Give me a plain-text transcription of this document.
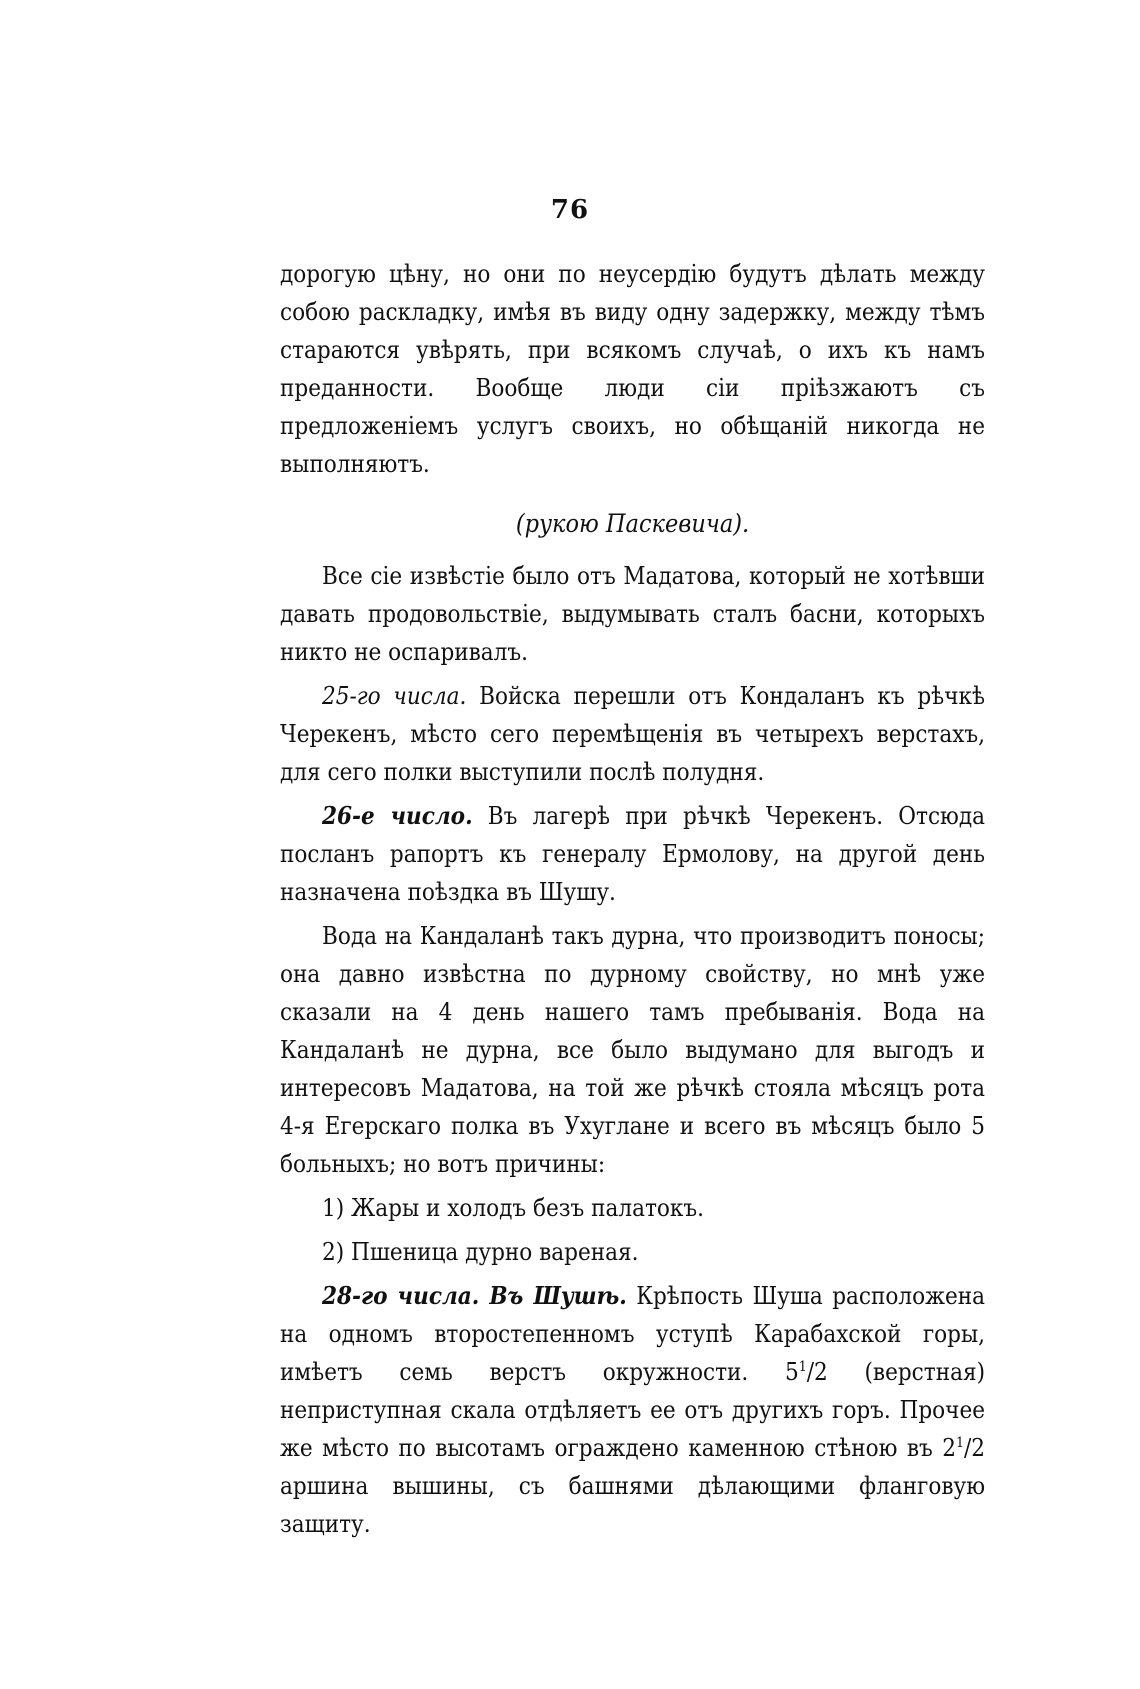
76

дорогую цѣну, но они по неусердію будутъ дѣлать между собою раскладку, имѣя въ виду одну задержку, между тѣмъ стараются увѣрять, при всякомъ случаѣ, о ихъ къ намъ преданности. Вообще люди сіи пріѣзжаютъ съ предложеніемъ услугъ своихъ, но обѣщаній никогда не выполняютъ.

(рукою Паскевича).

Все сіе извѣстіе было отъ Мадатова, который не хотѣвши давать продовольствіе, выдумывать сталъ басни, которыхъ никто не оспаривалъ.

25-го числа. Войска перешли отъ Кондаланъ къ рѣчкѣ Черекенъ, мѣсто сего перемѣщенія въ четырехъ верстахъ, для сего полки выступили послѣ полудня.

26-е число. Въ лагерѣ при рѣчкѣ Черекенъ. Отсюда посланъ рапортъ къ генералу Ермолову, на другой день назначена поѣздка въ Шушу.

Вода на Кандаланѣ такъ дурна, что производитъ поносы; она давно извѣстна по дурному свойству, но мнѣ уже сказали на 4 день нашего тамъ пребыванія. Вода на Кандаланѣ не дурна, все было выдумано для выгодъ и интересовъ Мадатова, на той же рѣчкѣ стояла мѣсяцъ рота 4-я Егерскаго полка въ Ухуглане и всего въ мѣсяцъ было 5 больныхъ; но вотъ причины:

1) Жары и холодъ безъ палатокъ.

2) Пшеница дурно вареная.

28-го числа. Въ Шушѣ. Крѣпость Шуша расположена на одномъ второстепенномъ уступѣ Карабахской горы, имѣетъ семь верстъ окружности. $5^1/2$ (верстная) неприступная скала отдѣляетъ ее отъ другихъ горъ. Прочее же мѣсто по высотамъ ограждено каменною стѣною въ $2^1/2$ аршина вышины, съ башнями дѣлающими фланговую защиту.
